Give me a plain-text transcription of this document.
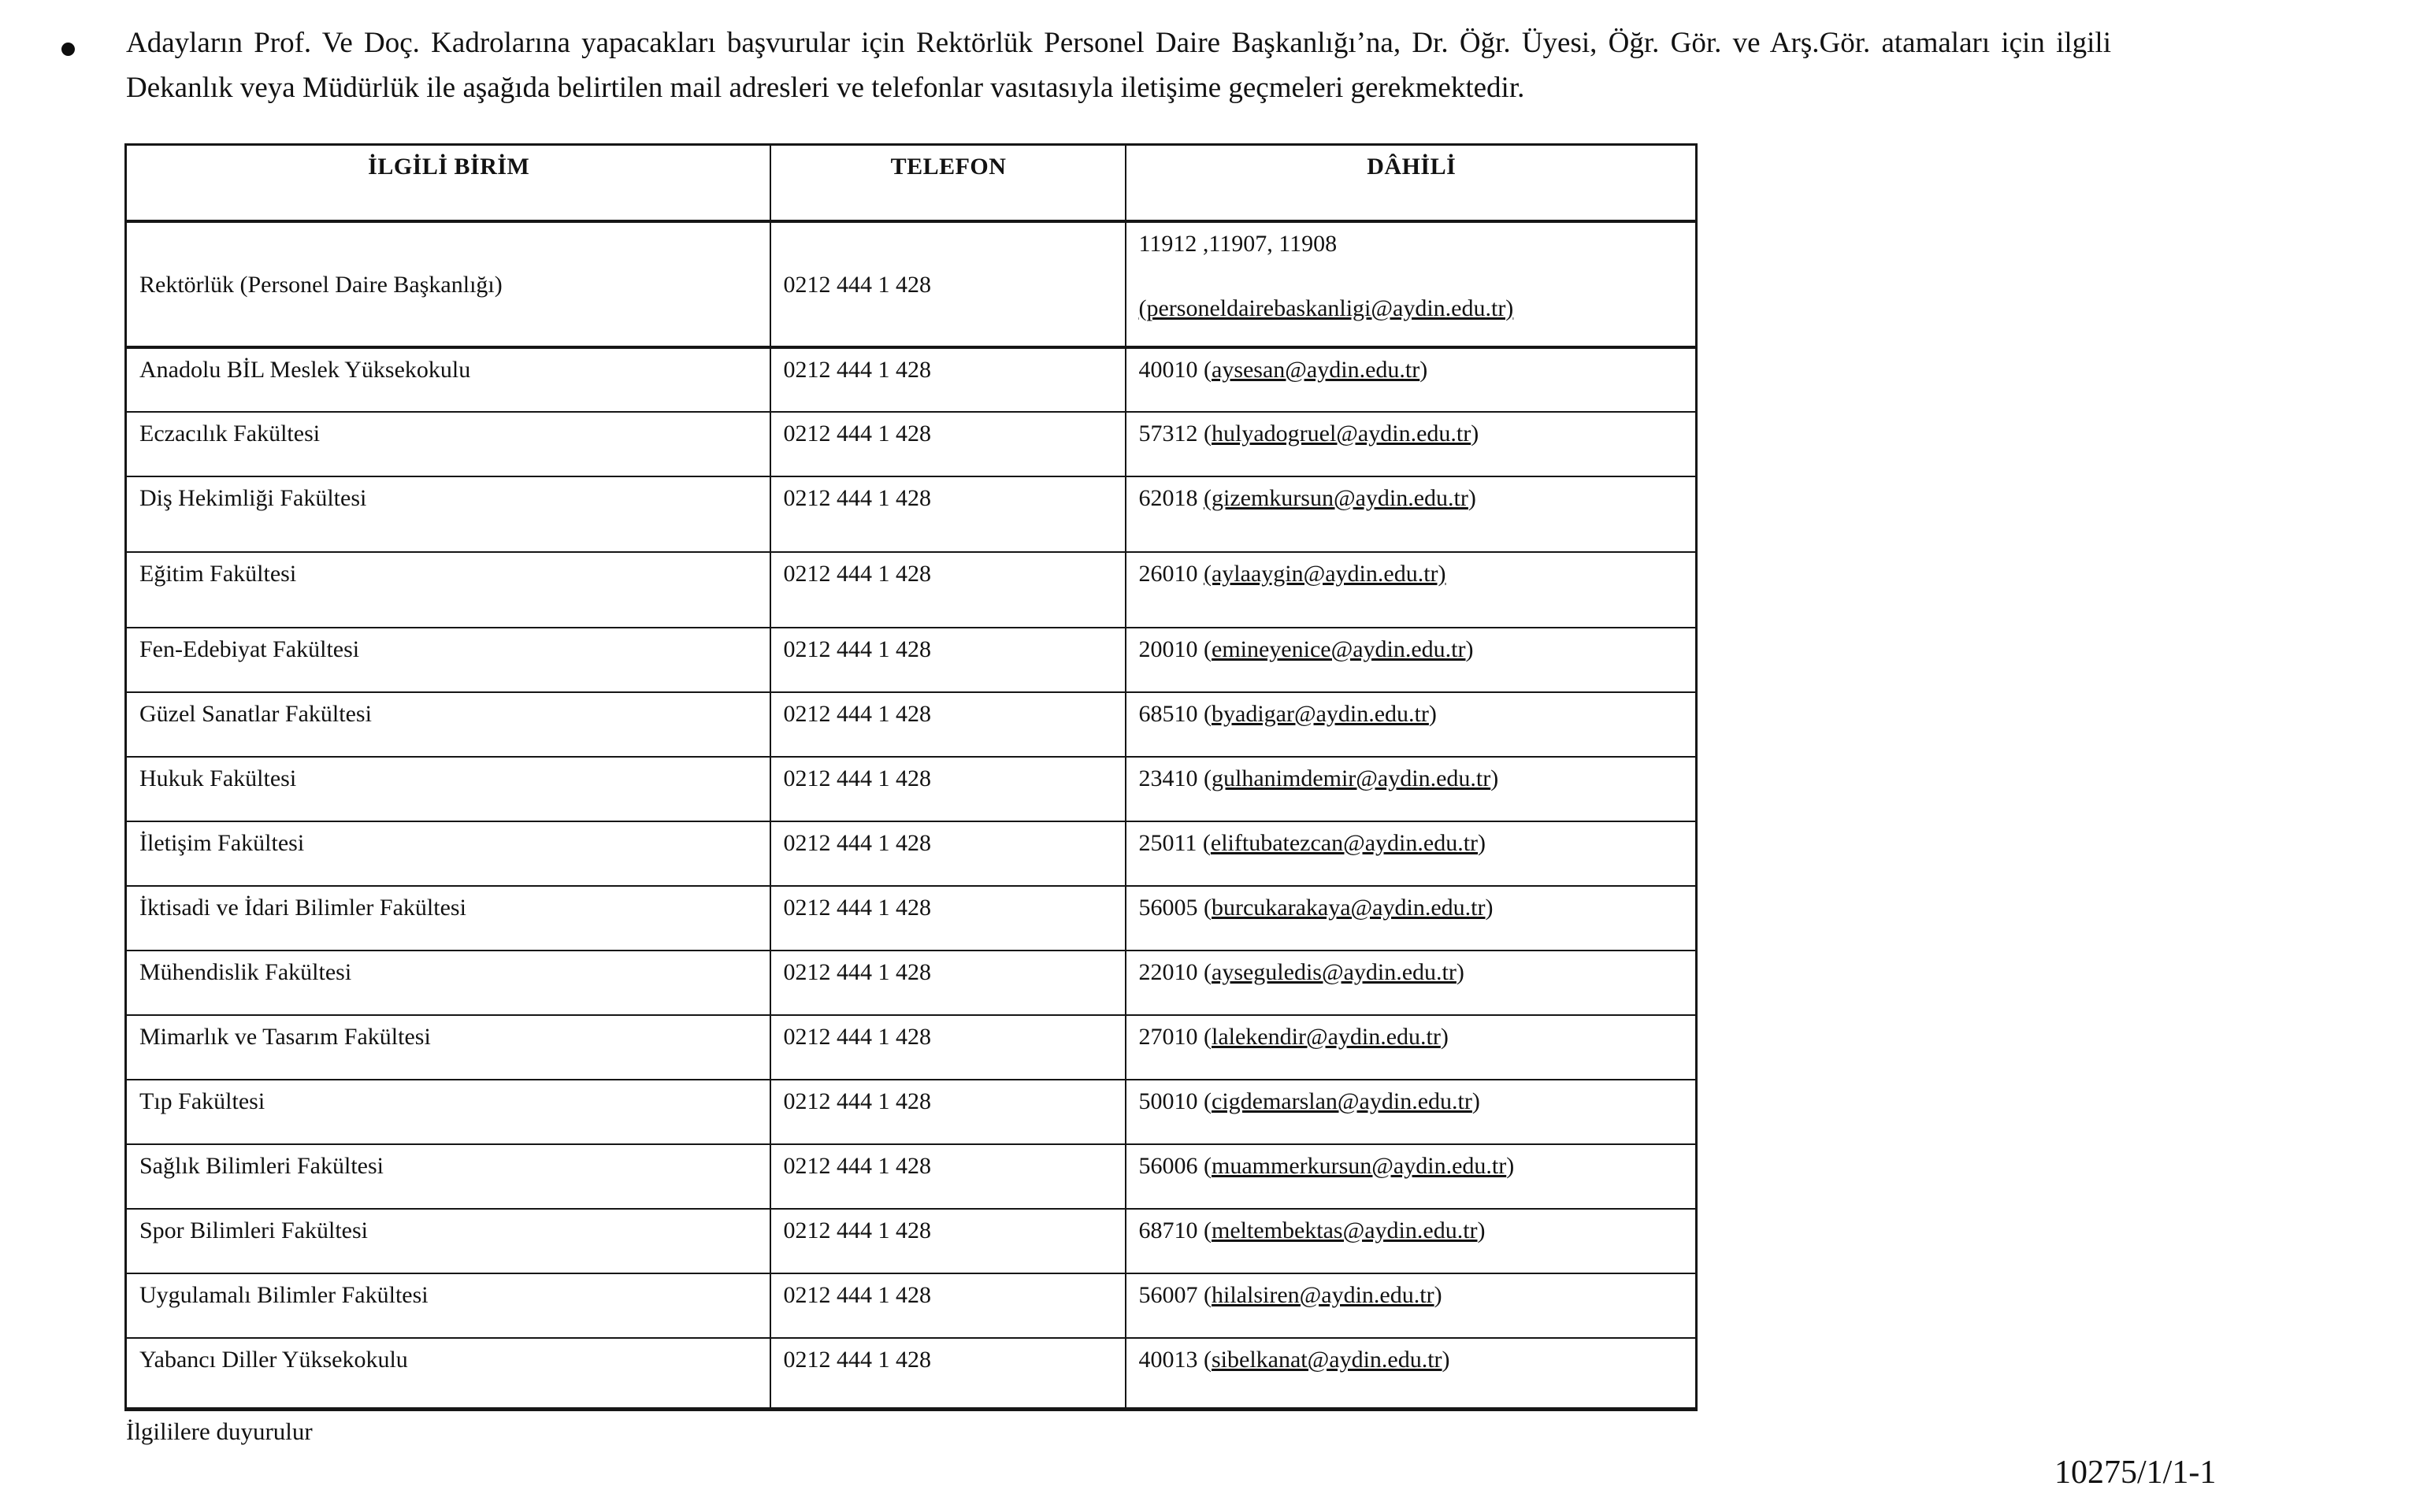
Adayların Prof. Ve Doç. Kadrolarına yapacakları başvurular için Rektörlük Personel Daire Başkanlığı’na, Dr. Öğr. Üyesi, Öğr. Gör. ve Arş.Gör. atamaları için ilgili Dekanlık veya Müdürlük ile aşağıda belirtilen mail adresleri ve telefonlar vasıtasıyla iletişime geçmeleri gerekmektedir.

İLGİLİ BİRİM	TELEFON	DÂHİLİ
Rektörlük (Personel Daire Başkanlığı)	0212 444 1 428	11912 ,11907, 11908
(personeldairebaskanligi@aydin.edu.tr)

Anadolu BİL Meslek Yüksekokulu	0212 444 1 428	40010 (aysesan@aydin.edu.tr)

Eczacılık Fakültesi	0212 444 1 428	57312 (hulyadogruel@aydin.edu.tr)

Diş Hekimliği Fakültesi	0212 444 1 428	62018 (gizemkursun@aydin.edu.tr)

Eğitim Fakültesi	0212 444 1 428	26010 (aylaaygin@aydin.edu.tr)

Fen-Edebiyat Fakültesi	0212 444 1 428	20010 (emineyenice@aydin.edu.tr)

Güzel Sanatlar Fakültesi	0212 444 1 428	68510 (byadigar@aydin.edu.tr)

Hukuk Fakültesi	0212 444 1 428	23410 (gulhanimdemir@aydin.edu.tr)

İletişim Fakültesi	0212 444 1 428	25011 (eliftubatezcan@aydin.edu.tr)

İktisadi ve İdari Bilimler Fakültesi	0212 444 1 428	56005 (burcukarakaya@aydin.edu.tr)

Mühendislik Fakültesi	0212 444 1 428	22010 (ayseguledis@aydin.edu.tr)

Mimarlık ve Tasarım Fakültesi	0212 444 1 428	27010 (lalekendir@aydin.edu.tr)

Tıp Fakültesi	0212 444 1 428	50010 (cigdemarslan@aydin.edu.tr)

Sağlık Bilimleri Fakültesi	0212 444 1 428	56006 (muammerkursun@aydin.edu.tr)

Spor Bilimleri Fakültesi	0212 444 1 428	68710 (meltembektas@aydin.edu.tr)

Uygulamalı Bilimler Fakültesi	0212 444 1 428	56007 (hilalsiren@aydin.edu.tr)

Yabancı Diller Yüksekokulu	0212 444 1 428	40013 (sibelkanat@aydin.edu.tr)

İlgililere duyurulur

10275/1/1-1
